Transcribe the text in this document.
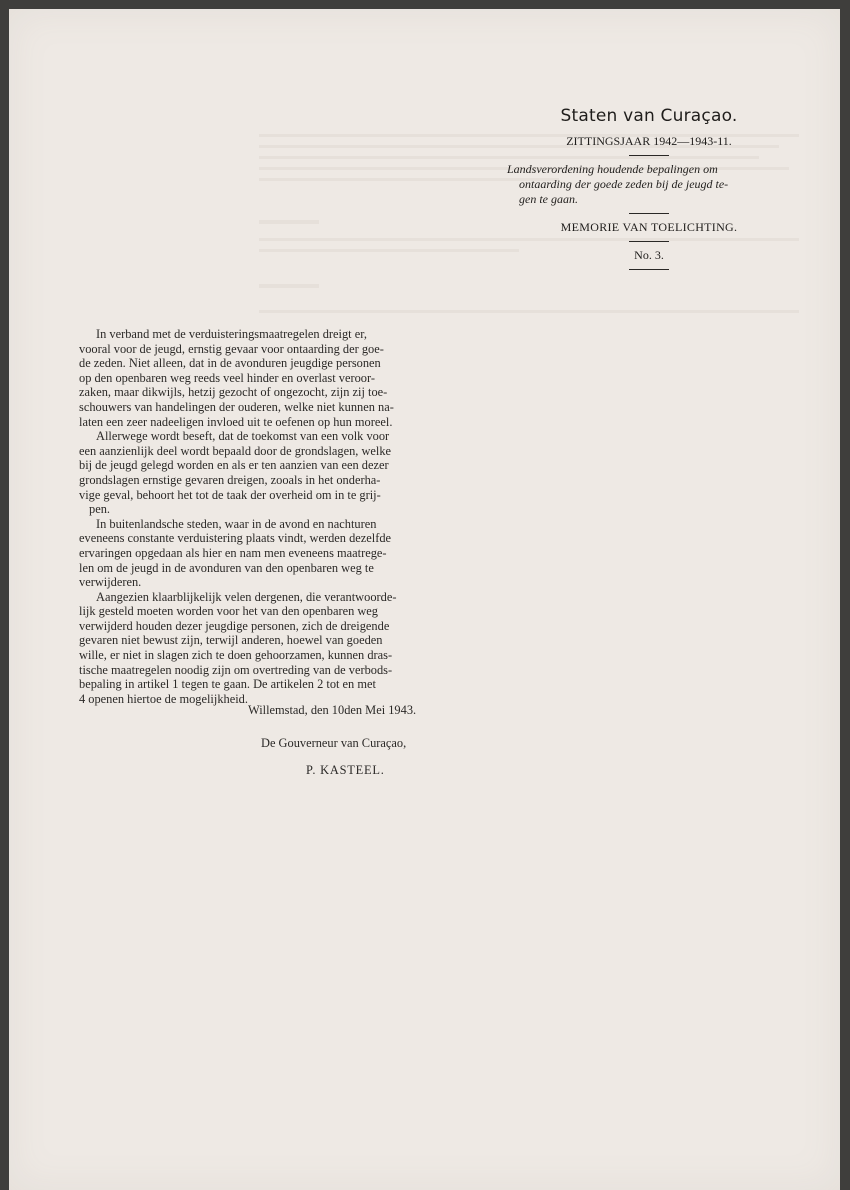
Staten van Curaçao.
ZITTINGSJAAR 1942—1943-11.
Landsverordening houdende bepalingen om
ontaarding der goede zeden bij de jeugd te-
gen te gaan.
MEMORIE VAN TOELICHTING.
No. 3.

In verband met de verduisteringsmaatregelen dreigt er,
vooral voor de jeugd, ernstig gevaar voor ontaarding der goe-
de zeden. Niet alleen, dat in de avonduren jeugdige personen
op den openbaren weg reeds veel hinder en overlast veroor-
zaken, maar dikwijls, hetzij gezocht of ongezocht, zijn zij toe-
schouwers van handelingen der ouderen, welke niet kunnen na-
laten een zeer nadeeligen invloed uit te oefenen op hun moreel.

Allerwege wordt beseft, dat de toekomst van een volk voor
een aanzienlijk deel wordt bepaald door de grondslagen, welke
bij de jeugd gelegd worden en als er ten aanzien van een dezer
grondslagen ernstige gevaren dreigen, zooals in het onderha-
vige geval, behoort het tot de taak der overheid om in te grij-
pen.

In buitenlandsche steden, waar in de avond en nachturen
eveneens constante verduistering plaats vindt, werden dezelfde
ervaringen opgedaan als hier en nam men eveneens maatrege-
len om de jeugd in de avonduren van den openbaren weg te
verwijderen.

Aangezien klaarblijkelijk velen dergenen, die verantwoorde-
lijk gesteld moeten worden voor het van den openbaren weg
verwijderd houden dezer jeugdige personen, zich de dreigende
gevaren niet bewust zijn, terwijl anderen, hoewel van goeden
wille, er niet in slagen zich te doen gehoorzamen, kunnen dras-
tische maatregelen noodig zijn om overtreding van de verbods-
bepaling in artikel 1 tegen te gaan. De artikelen 2 tot en met
4 openen hiertoe de mogelijkheid.

Willemstad, den 10den Mei 1943.
De Gouverneur van Curaçao,
P. KASTEEL.
